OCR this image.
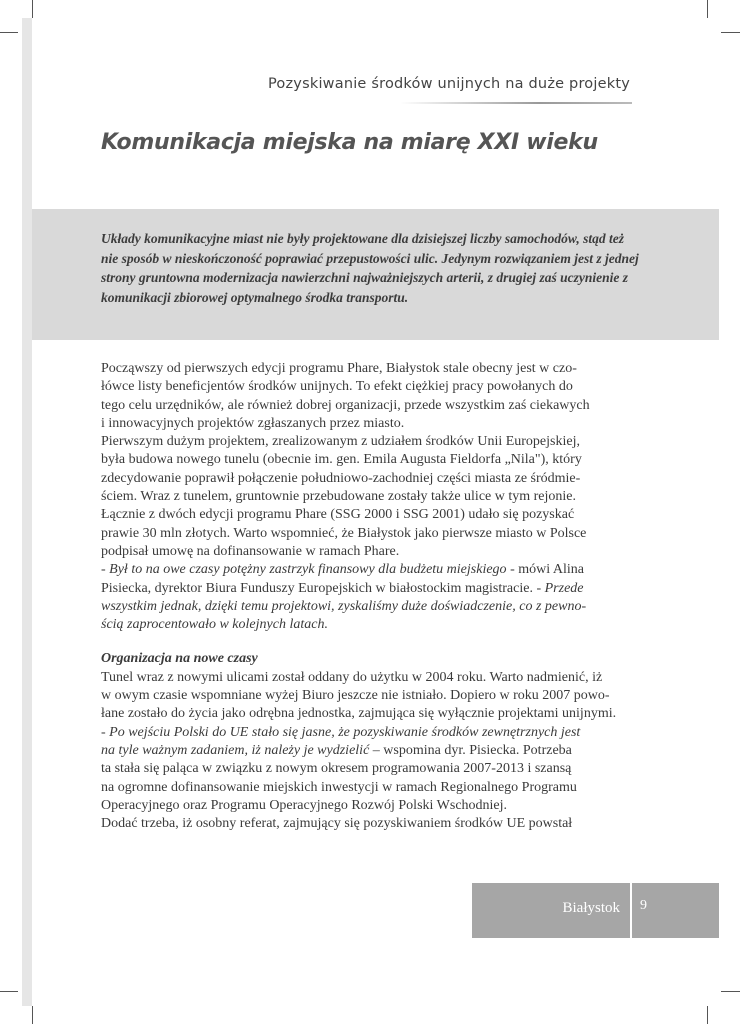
Pozyskiwanie środków unijnych na duże projekty
Komunikacja miejska na miarę XXI wieku
Układy komunikacyjne miast nie były projektowane dla dzisiejszej liczby samochodów, stąd też nie sposób w nieskończoność poprawiać przepustowości ulic. Jedynym rozwiązaniem jest z jednej strony gruntowna modernizacja nawierzchni najważniejszych arterii, z drugiej zaś uczynienie z komunikacji zbiorowej optymalnego środka transportu.
Począwszy od pierwszych edycji programu Phare, Białystok stale obecny jest w czo-
łówce listy beneficjentów środków unijnych. To efekt ciężkiej pracy powołanych do
tego celu urzędników, ale również dobrej organizacji, przede wszystkim zaś ciekawych
i innowacyjnych projektów zgłaszanych przez miasto.
Pierwszym dużym projektem, zrealizowanym z udziałem środków Unii Europejskiej,
była budowa nowego tunelu (obecnie im. gen. Emila Augusta Fieldorfa „Nila"), który
zdecydowanie poprawił połączenie południowo-zachodniej części miasta ze śródmie-
ściem. Wraz z tunelem, gruntownie przebudowane zostały także ulice w tym rejonie.
Łącznie z dwóch edycji programu Phare (SSG 2000 i SSG 2001) udało się pozyskać
prawie 30 mln złotych. Warto wspomnieć, że Białystok jako pierwsze miasto w Polsce
podpisał umowę na dofinansowanie w ramach Phare.
- Był to na owe czasy potężny zastrzyk finansowy dla budżetu miejskiego - mówi Alina
Pisiecka, dyrektor Biura Funduszy Europejskich w białostockim magistracie. - Przede
wszystkim jednak, dzięki temu projektowi, zyskaliśmy duże doświadczenie, co z pewno-
ścią zaprocentowało w kolejnych latach.
Organizacja na nowe czasy
Tunel wraz z nowymi ulicami został oddany do użytku w 2004 roku. Warto nadmienić, iż
w owym czasie wspomniane wyżej Biuro jeszcze nie istniało. Dopiero w roku 2007 powo-
łane zostało do życia jako odrębna jednostka, zajmująca się wyłącznie projektami unijnymi.
- Po wejściu Polski do UE stało się jasne, że pozyskiwanie środków zewnętrznych jest
na tyle ważnym zadaniem, iż należy je wydzielić – wspomina dyr. Pisiecka. Potrzeba
ta stała się paląca w związku z nowym okresem programowania 2007-2013 i szansą
na ogromne dofinansowanie miejskich inwestycji w ramach Regionalnego Programu
Operacyjnego oraz Programu Operacyjnego Rozwój Polski Wschodniej.
Dodać trzeba, iż osobny referat, zajmujący się pozyskiwaniem środków UE powstał
Białystok 9
